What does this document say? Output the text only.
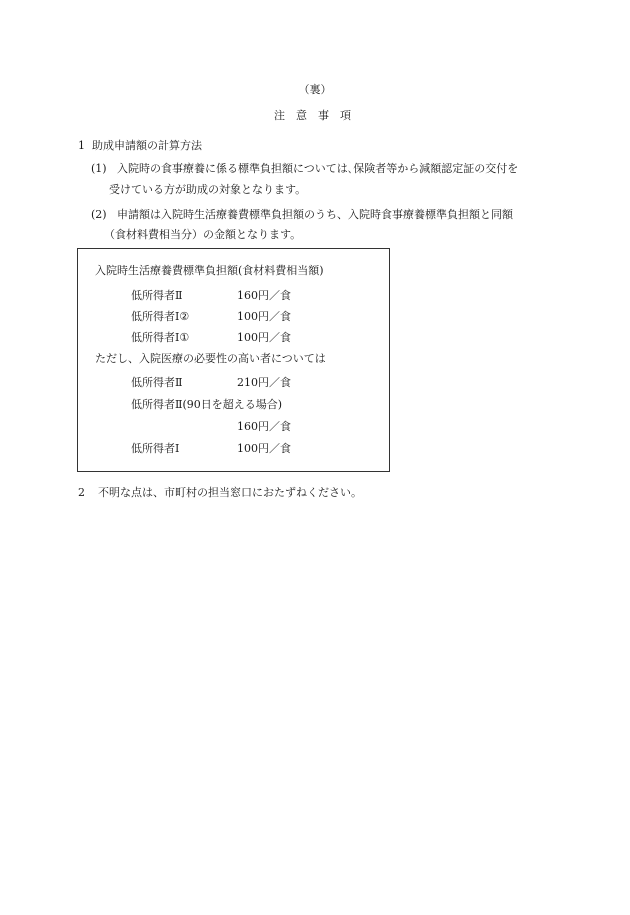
（裏）
注意事項
1 助成申請額の計算方法
(1) 入院時の食事療養に係る標準負担額については､保険者等から減額認定証の交付を
受けている方が助成の対象となります。
(2) 申請額は入院時生活療養費標準負担額のうち、入院時食事療養標準負担額と同額
（食材料費相当分）の金額となります。
入院時生活療養費標準負担額(食材料費相当額)
低所得者Ⅱ	160円／食
低所得者Ⅰ②	100円／食
低所得者Ⅰ①	100円／食
ただし、入院医療の必要性の高い者については
低所得者Ⅱ	210円／食
低所得者Ⅱ(90日を超える場合)
160円／食
低所得者Ⅰ	100円／食
2 不明な点は、市町村の担当窓口におたずねください。
